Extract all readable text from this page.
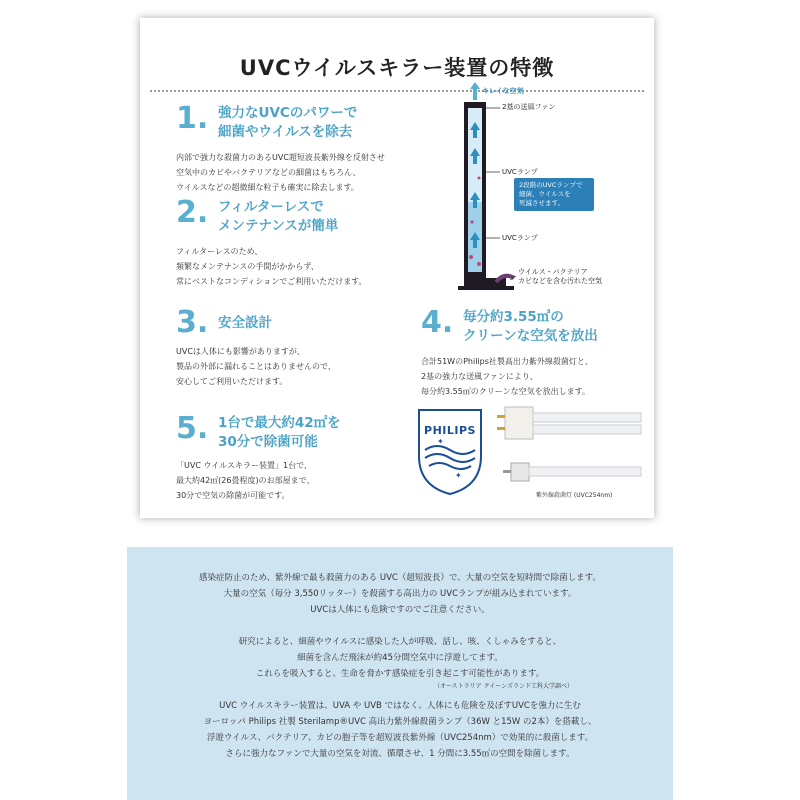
UVCウイルスキラー装置の特徴
1. 強力なUVCのパワーで
細菌やウイルスを除去
内部で強力な殺菌力のあるUVC超短波長紫外線を反射させ
空気中のカビやバクテリアなどの細菌はもちろん、
ウイルスなどの超微細な粒子も確実に除去します。
2. フィルターレスで
メンテナンスが簡単
フィルターレスのため、
頻繁なメンテナンスの手間がかからず、
常にベストなコンディションでご利用いただけます。
3. 安全設計
UVCは人体にも影響がありますが、
製品の外部に漏れることはありませんので、
安心してご利用いただけます。
4. 毎分約3.55㎥の
クリーンな空気を放出
合計51WのPhilips社製高出力紫外線殺菌灯と、
2基の強力な送風ファンにより、
毎分約3.55㎥のクリーンな空気を放出します。
5. 1台で最大約42㎡を
30分で除菌可能
「UVC ウイルスキラー装置」1台で、
最大約42㎡(26畳程度)のお部屋まで、
30分で空気の除菌が可能です。
キレイな空気
2基の送風ファン
UVCランプ
2段階のUVCランプで
細菌、ウイルスを
死滅させます。
UVCランプ
ウイルス・バクテリア
カビなどを含む汚れた空気
✦
✦
PHILIPS
紫外線殺菌灯 (UVC254nm)
感染症防止のため、紫外線で最も殺菌力のある UVC（超短波長）で、大量の空気を短時間で除菌します。
大量の空気（毎分 3,550リッター）を殺菌する高出力の UVCランプが組み込まれています。
UVCは人体にも危険ですのでご注意ください。
研究によると、細菌やウイルスに感染した人が呼吸、話し、咳、くしゃみをすると、
細菌を含んだ飛沫が約45分間空気中に浮遊してます。
これらを吸入すると、生命を脅かす感染症を引き起こす可能性があります。
（オーストラリア クイーンズランド工科大学調べ）
UVC ウイルスキラー装置は、UVA や UVB ではなく、人体にも危険を及ぼすUVCを強力に生む
ヨーロッパ Philips 社製 Sterilamp®UVC 高出力紫外線殺菌ランプ（36W と15W の2本）を搭載し、
浮遊ウイルス、バクテリア、カビの胞子等を超短波長紫外線（UVC254nm）で効果的に殺菌します。
さらに強力なファンで大量の空気を対流、循環させ、1 分間に3.55㎥の空間を除菌します。
